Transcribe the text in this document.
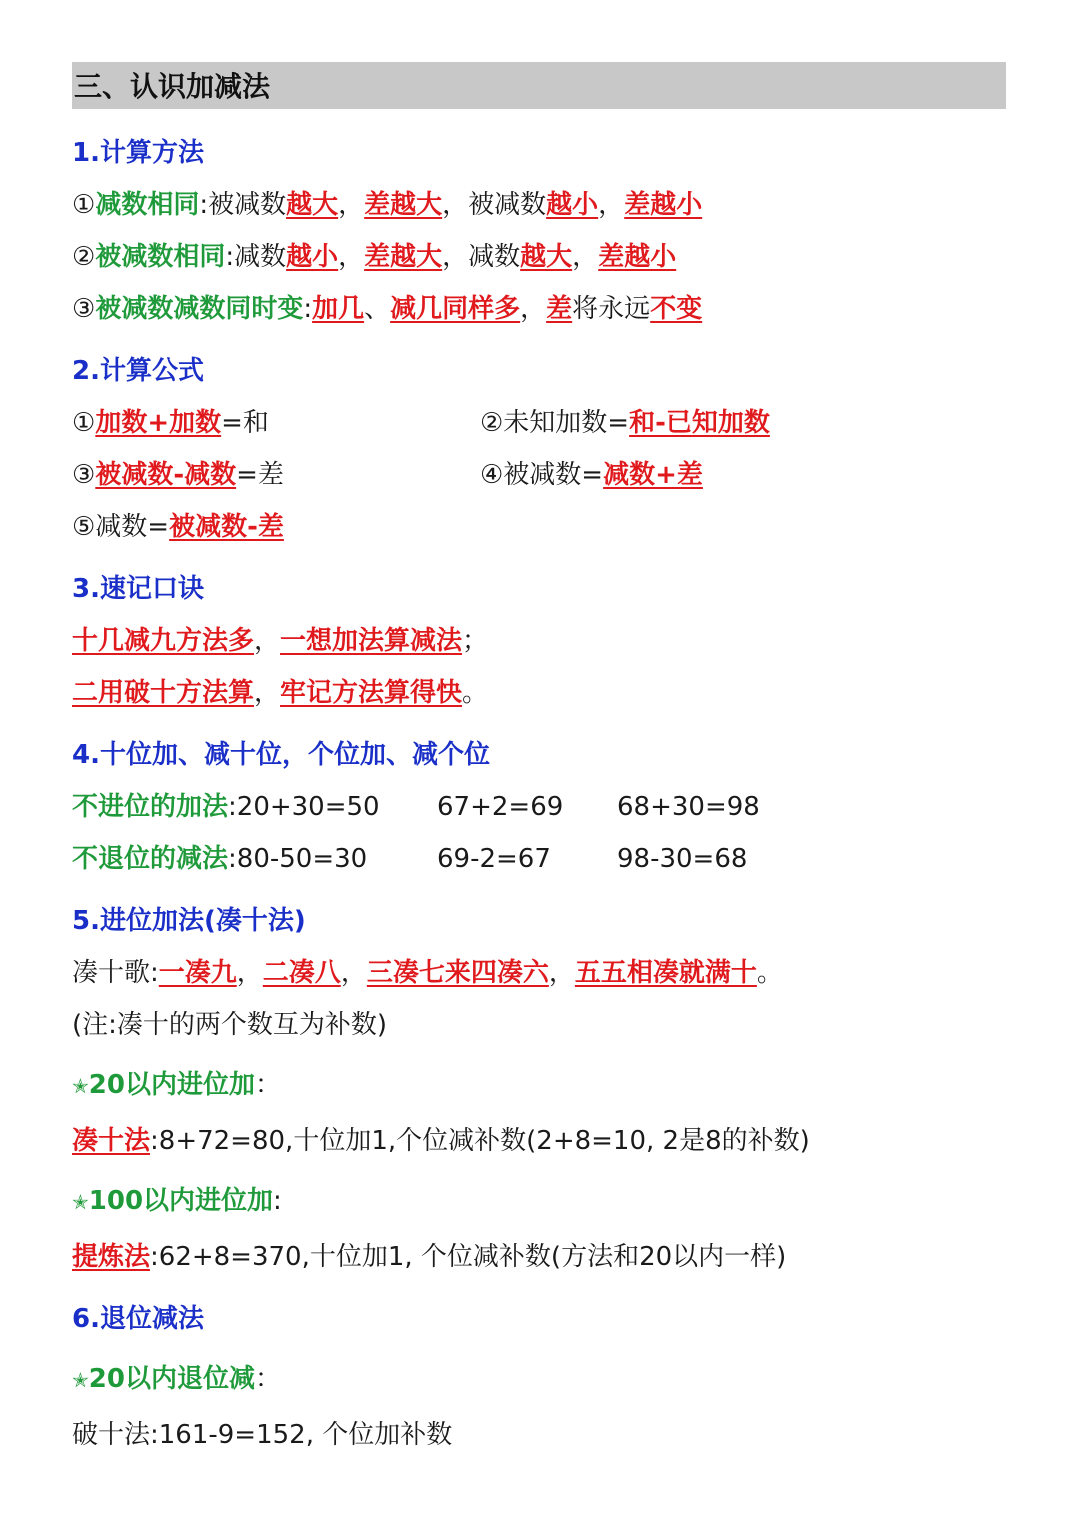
三、认识加减法
1.计算方法
①减数相同:被减数越大，差越大，被减数越小，差越小
②被减数相同:减数越小，差越大，减数越大，差越小
③被减数减数同时变:加几、减几同样多，差将永远不变
2.计算公式
①加数+加数=和	②未知加数=和-已知加数
③被减数-减数=差	④被减数=减数+差
⑤减数=被减数-差
3.速记口诀
十几减九方法多，一想加法算减法；
二用破十方法算，牢记方法算得快。
4.十位加、减十位，个位加、减个位
不进位的加法:20+30=50 67+2=69 68+30=98
不退位的减法:80-50=30	69-2=67	98-30=68
5.进位加法(凑十法)
凑十歌:一凑九，二凑八，三凑七来四凑六，五五相凑就满十。
(注:凑十的两个数互为补数)
✭20以内进位加：
凑十法:8+72=80,十位加1,个位减补数(2+8=10, 2是8的补数)
✭100以内进位加:
提炼法:62+8=370,十位加1, 个位减补数(方法和20以内一样)
6.退位减法
✭20以内退位减：
破十法:161-9=152, 个位加补数
